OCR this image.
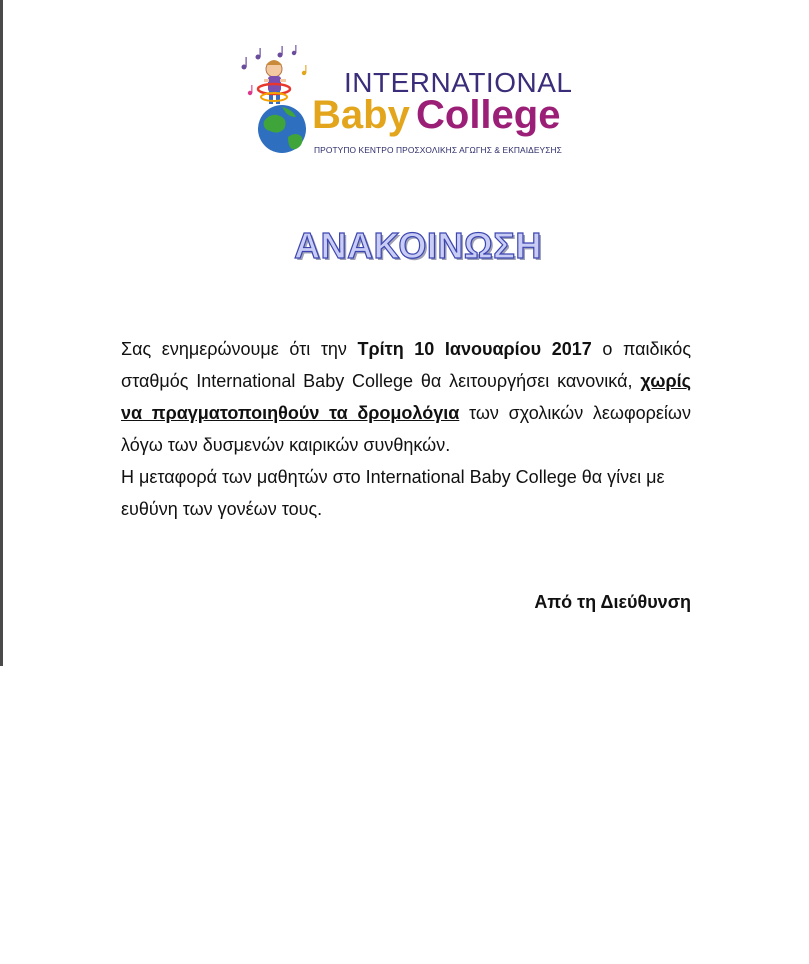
INTERNATIONAL
Baby College
ΠΡΟΤΥΠΟ ΚΕΝΤΡΟ ΠΡΟΣΧΟΛΙΚΗΣ ΑΓΩΓΗΣ & ΕΚΠΑΙΔΕΥΣΗΣ
ΑΝΑΚΟΙΝΩΣΗ

Σας ενημερώνουμε ότι την Τρίτη 10 Ιανουαρίου 2017 ο παιδικός σταθμός International Baby College θα λειτουργήσει κανονικά, χωρίς να πραγματοποιηθούν τα δρομολόγια των σχολικών λεωφορείων λόγω των δυσμενών καιρικών συνθηκών.

Η μεταφορά των μαθητών στο International Baby College θα γίνει με ευθύνη των γονέων τους.

Από τη Διεύθυνση
